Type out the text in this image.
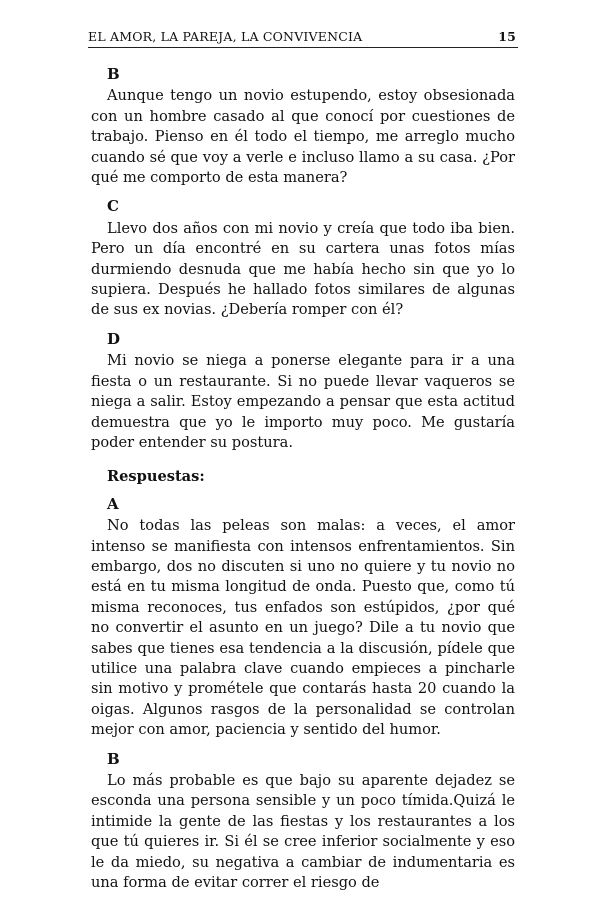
EL AMOR, LA PAREJA, LA CONVIVENCIA	15
B

Aunque tengo un novio estupendo, estoy obsesionada con un hombre casado al que conocí por cuestiones de trabajo. Pienso en él todo el tiempo, me arreglo mucho cuando sé que voy a verle e incluso llamo a su casa. ¿Por qué me comporto de esta manera?

C

Llevo dos años con mi novio y creía que todo iba bien. Pero un día encontré en su cartera unas fotos mías durmiendo desnuda que me había hecho sin que yo lo supiera. Después he hallado fotos similares de algunas de sus ex novias. ¿Debería romper con él?

D

Mi novio se niega a ponerse elegante para ir a una fiesta o un restaurante. Si no puede llevar vaqueros se niega a salir. Estoy empezando a pensar que esta actitud demuestra que yo le importo muy poco. Me gustaría poder entender su postura.

Respuestas:
A

No todas las peleas son malas: a veces, el amor intenso se manifiesta con intensos enfrentamientos. Sin embargo, dos no discuten si uno no quiere y tu novio no está en tu misma longitud de onda. Puesto que, como tú misma reconoces, tus enfados son estúpidos, ¿por qué no convertir el asunto en un juego? Dile a tu novio que sabes que tienes esa tendencia a la discusión, pídele que utilice una palabra clave cuando empieces a pincharle sin motivo y prométele que contarás hasta 20 cuando la oigas. Algunos rasgos de la personalidad se controlan mejor con amor, paciencia y sentido del humor.

B

Lo más probable es que bajo su aparente dejadez se esconda una persona sensible y un poco tímida.Quizá le intimide la gente de las fiestas y los restaurantes a los que tú quieres ir. Si él se cree inferior socialmente y eso le da miedo, su negativa a cambiar de indumentaria es una forma de evitar correr el riesgo de
